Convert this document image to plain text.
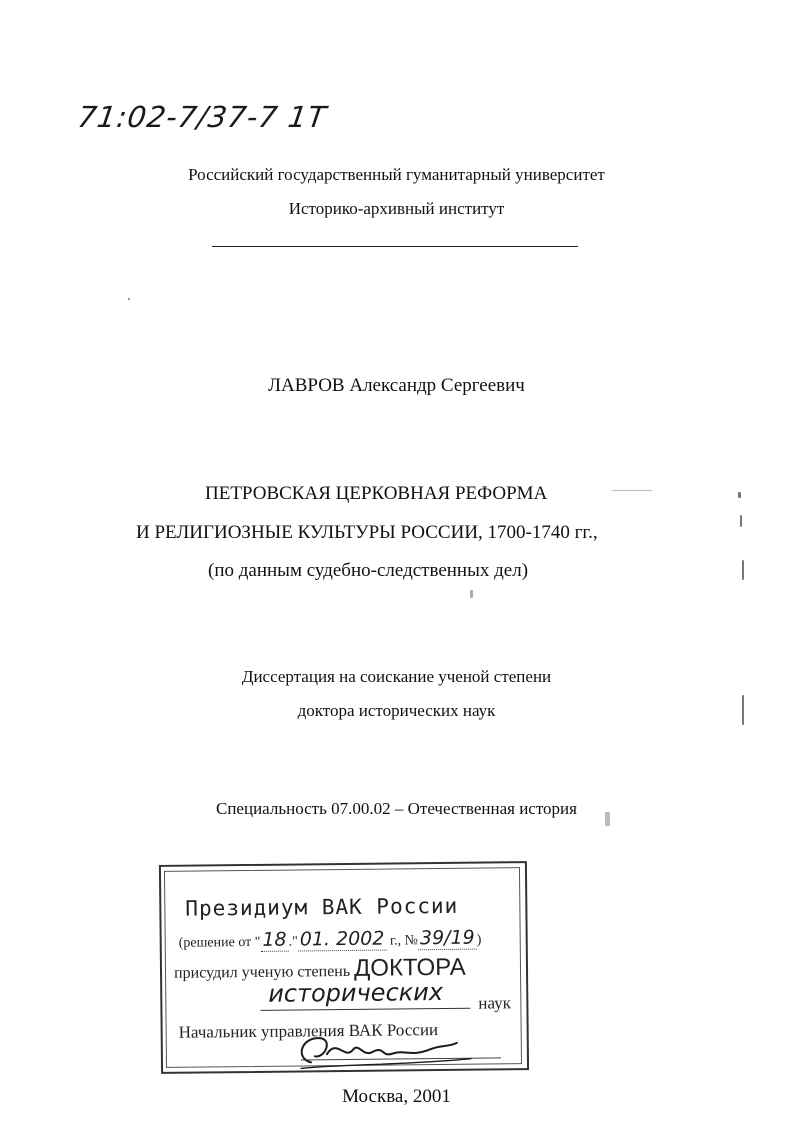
71:02-7/37-7 1Т
Российский государственный гуманитарный университет
Историко-архивный институт
ЛАВРОВ Александр Сергеевич
ПЕТРОВСКАЯ ЦЕРКОВНАЯ РЕФОРМА
И РЕЛИГИОЗНЫЕ КУЛЬТУРЫ РОССИИ, 1700-1740 гг.,
(по данным судебно-следственных дел)
Диссертация на соискание ученой степени
доктора исторических наук
Специальность 07.00.02 – Отечественная история
Президиум ВАК России
(решение от "18 ."01. 2002 г., №39/19 )
присудил ученую степень ДОКТОРА
исторических наук
Начальник управления ВАК России
Москва, 2001
